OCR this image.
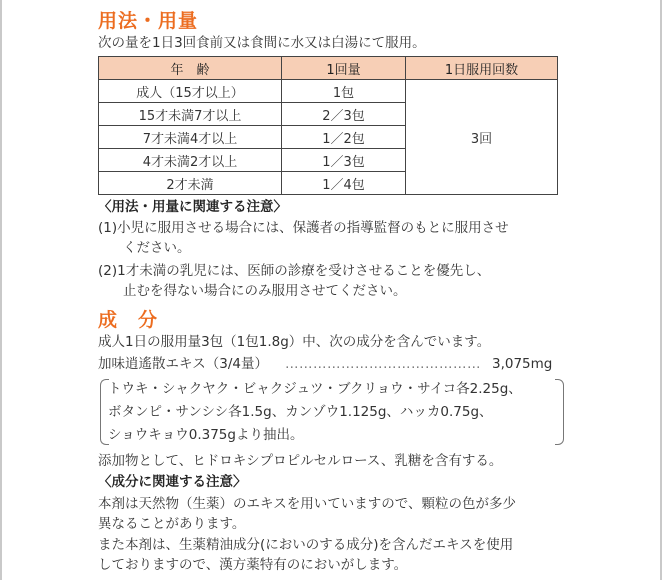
用法・用量
次の量を1日3回食前又は食間に水又は白湯にて服用。
年　齢	1回量	1日服用回数
成人（15才以上）	1包	3回
15才未満7才以上	2／3包	
7才未満4才以上	1／2包	
4才未満2才以上	1／3包	
2才未満	1／4包	
〈用法・用量に関連する注意〉
(1)小児に服用させる場合には、保護者の指導監督のもとに服用させ
ください。
(2)1才未満の乳児には、医師の診療を受けさせることを優先し、
止むを得ない場合にのみ服用させてください。
成　分
成人1日の服用量3包（1包1.8g）中、次の成分を含んでいます。
加味逍遙散エキス（3/4量） …………………………………… 3,075mg
トウキ・シャクヤク・ビャクジュツ・ブクリョウ・サイコ各2.25g、
ボタンピ・サンシシ各1.5g、カンゾウ1.125g、ハッカ0.75g、
ショウキョウ0.375gより抽出。
添加物として、ヒドロキシプロピルセルロース、乳糖を含有する。
〈成分に関連する注意〉
本剤は天然物（生薬）のエキスを用いていますので、顆粒の色が多少
異なることがあります。
また本剤は、生薬精油成分(においのする成分)を含んだエキスを使用
しておりますので、漢方薬特有のにおいがします。
